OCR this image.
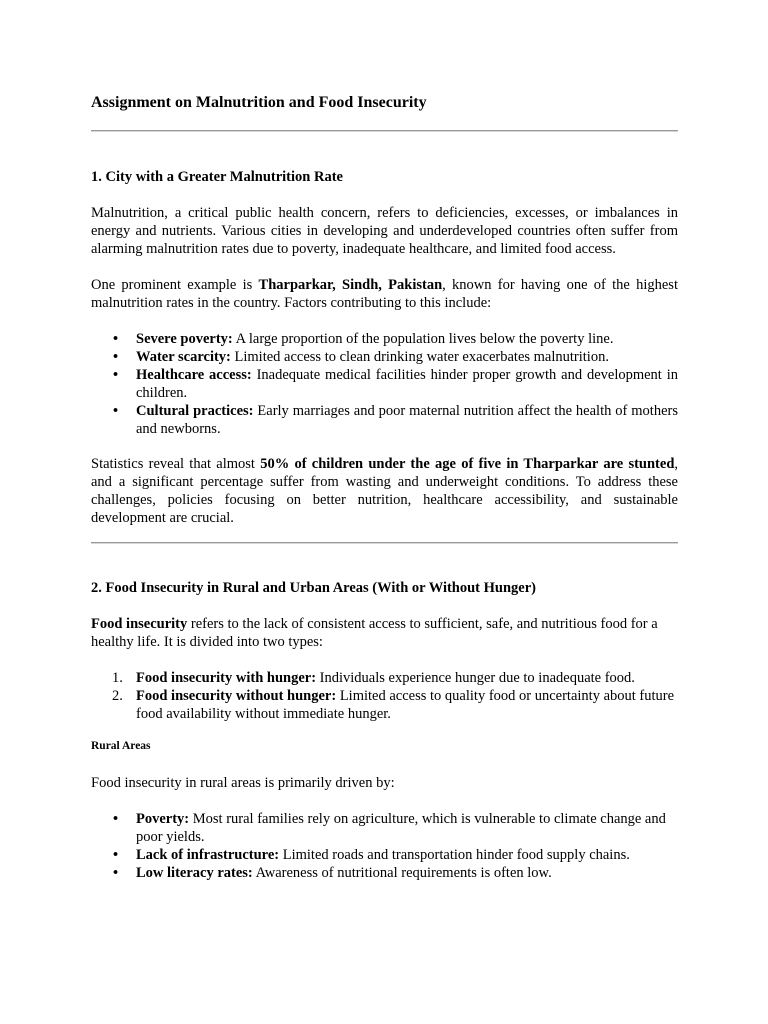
Assignment on Malnutrition and Food Insecurity
1. City with a Greater Malnutrition Rate

Malnutrition, a critical public health concern, refers to deficiencies, excesses, or imbalances in energy and nutrients. Various cities in developing and underdeveloped countries often suffer from alarming malnutrition rates due to poverty, inadequate healthcare, and limited food access.

One prominent example is Tharparkar, Sindh, Pakistan, known for having one of the highest malnutrition rates in the country. Factors contributing to this include:

• Severe poverty: A large proportion of the population lives below the poverty line.
• Water scarcity: Limited access to clean drinking water exacerbates malnutrition.
• Healthcare access: Inadequate medical facilities hinder proper growth and development in children.
• Cultural practices: Early marriages and poor maternal nutrition affect the health of mothers and newborns.

Statistics reveal that almost 50% of children under the age of five in Tharparkar are stunted, and a significant percentage suffer from wasting and underweight conditions. To address these challenges, policies focusing on better nutrition, healthcare accessibility, and sustainable development are crucial.

2. Food Insecurity in Rural and Urban Areas (With or Without Hunger)

Food insecurity refers to the lack of consistent access to sufficient, safe, and nutritious food for a healthy life. It is divided into two types:

1. Food insecurity with hunger: Individuals experience hunger due to inadequate food.
2. Food insecurity without hunger: Limited access to quality food or uncertainty about future food availability without immediate hunger.
Rural Areas

Food insecurity in rural areas is primarily driven by:

• Poverty: Most rural families rely on agriculture, which is vulnerable to climate change and poor yields.
• Lack of infrastructure: Limited roads and transportation hinder food supply chains.
• Low literacy rates: Awareness of nutritional requirements is often low.
